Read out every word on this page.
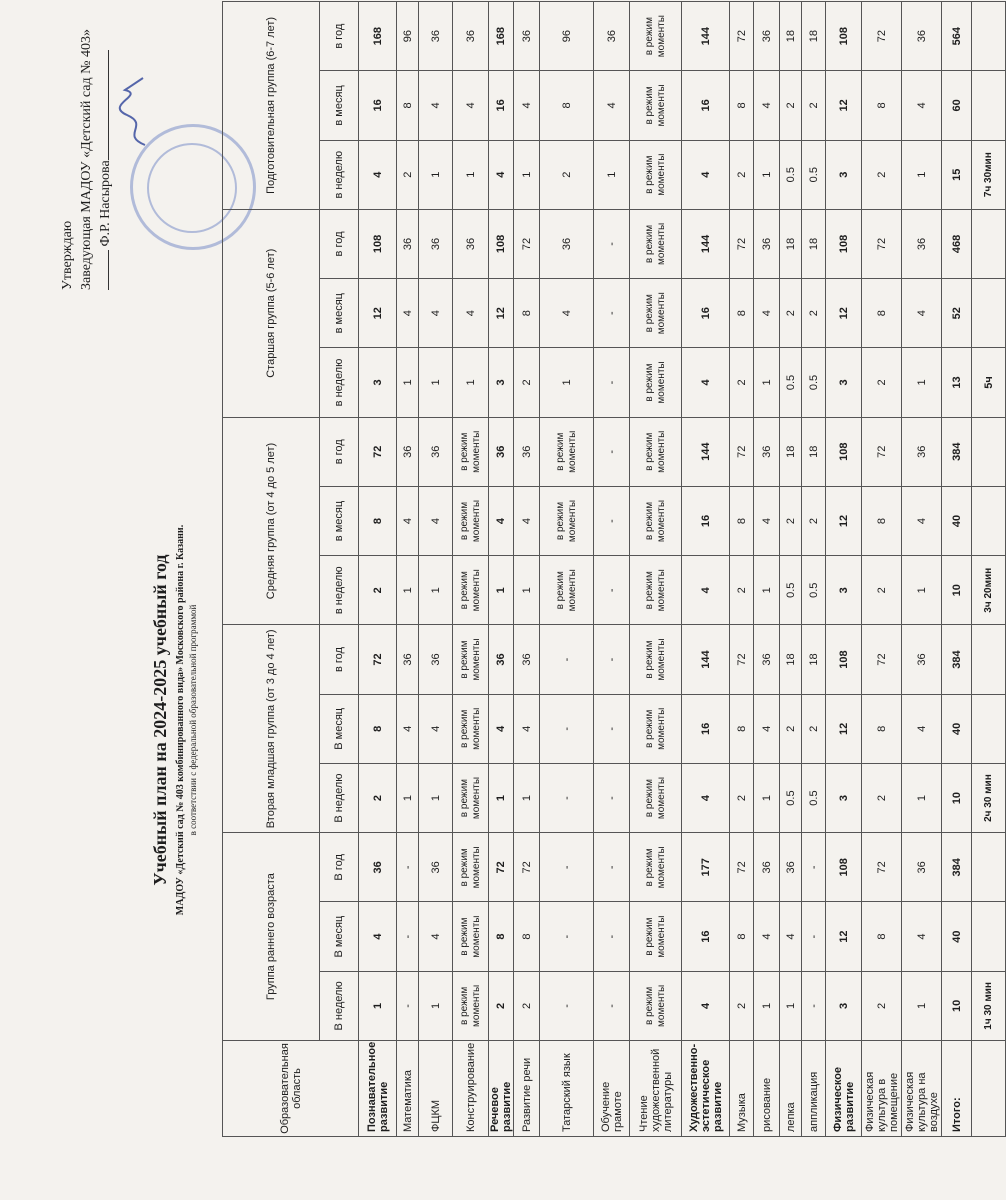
Утверждаю Заведующая МАДОУ «Детский сад № 403» Ф.Р. Насырова
Учебный план на 2024-2025 учебный год МАДОУ «Детский сад № 403 комбинированного вида» Московского района г. Казани. в соответствии с федеральной образовательной программой
Образовательная область	Группа раннего возраста			Вторая младшая группа (от 3 до 4 лет)			Средняя группа (от 4 до 5 лет)			Старшая группа (5-6 лет)			Подготовительная группа (6-7 лет)		
	В неделю	В месяц	В год	В неделю	В месяц	в год	в неделю	в месяц	в год	в неделю	в месяц	в год	в неделю	в месяц	в год
Познавательное развитие	1	4	36	2	8	72	2	8	72	3	12	108	4	16	168
Математика	-	-	-	1	4	36	1	4	36	1	4	36	2	8	96
ФЦКМ	1	4	36	1	4	36	1	4	36	1	4	36	1	4	36
Конструирование	в режим моменты	в режим моменты	в режим моменты	в режим моменты	в режим моменты	в режим моменты	в режим моменты	в режим моменты	в режим моменты	1	4	36	1	4	36
Речевое развитие	2	8	72	1	4	36	1	4	36	3	12	108	4	16	168
Развитие речи	2	8	72	1	4	36	1	4	36	2	8	72	1	4	36
Татарский язык	-	-	-	-	-	-	в режим моменты	в режим моменты	в режим моменты	1	4	36	2	8	96
Обучение грамоте	-	-	-	-	-	-	-	-	-	-	-	-	1	4	36
Чтение художественной литературы	в режим моменты	в режим моменты	в режим моменты	в режим моменты	в режим моменты	в режим моменты	в режим моменты	в режим моменты	в режим моменты	в режим моменты	в режим моменты	в режим моменты	в режим моменты	в режим моменты	в режим моменты
Художественно-эстетическое развитие	4	16	177	4	16	144	4	16	144	4	16	144	4	16	144
Музыка	2	8	72	2	8	72	2	8	72	2	8	72	2	8	72
рисование	1	4	36	1	4	36	1	4	36	1	4	36	1	4	36
лепка	1	4	36	0.5	2	18	0.5	2	18	0.5	2	18	0.5	2	18
аппликация	-	-	-	0.5	2	18	0.5	2	18	0.5	2	18	0.5	2	18
Физическое развитие	3	12	108	3	12	108	3	12	108	3	12	108	3	12	108
Физическая культура в помещение	2	8	72	2	8	72	2	8	72	2	8	72	2	8	72
Физическая культура на воздухе	1	4	36	1	4	36	1	4	36	1	4	36	1	4	36
Итого:	10	40	384	10	40	384	10	40	384	13	52	468	15	60	564
	1ч 30 мин			2ч 30 мин			3ч 20мин			5ч			7ч 30мин		
